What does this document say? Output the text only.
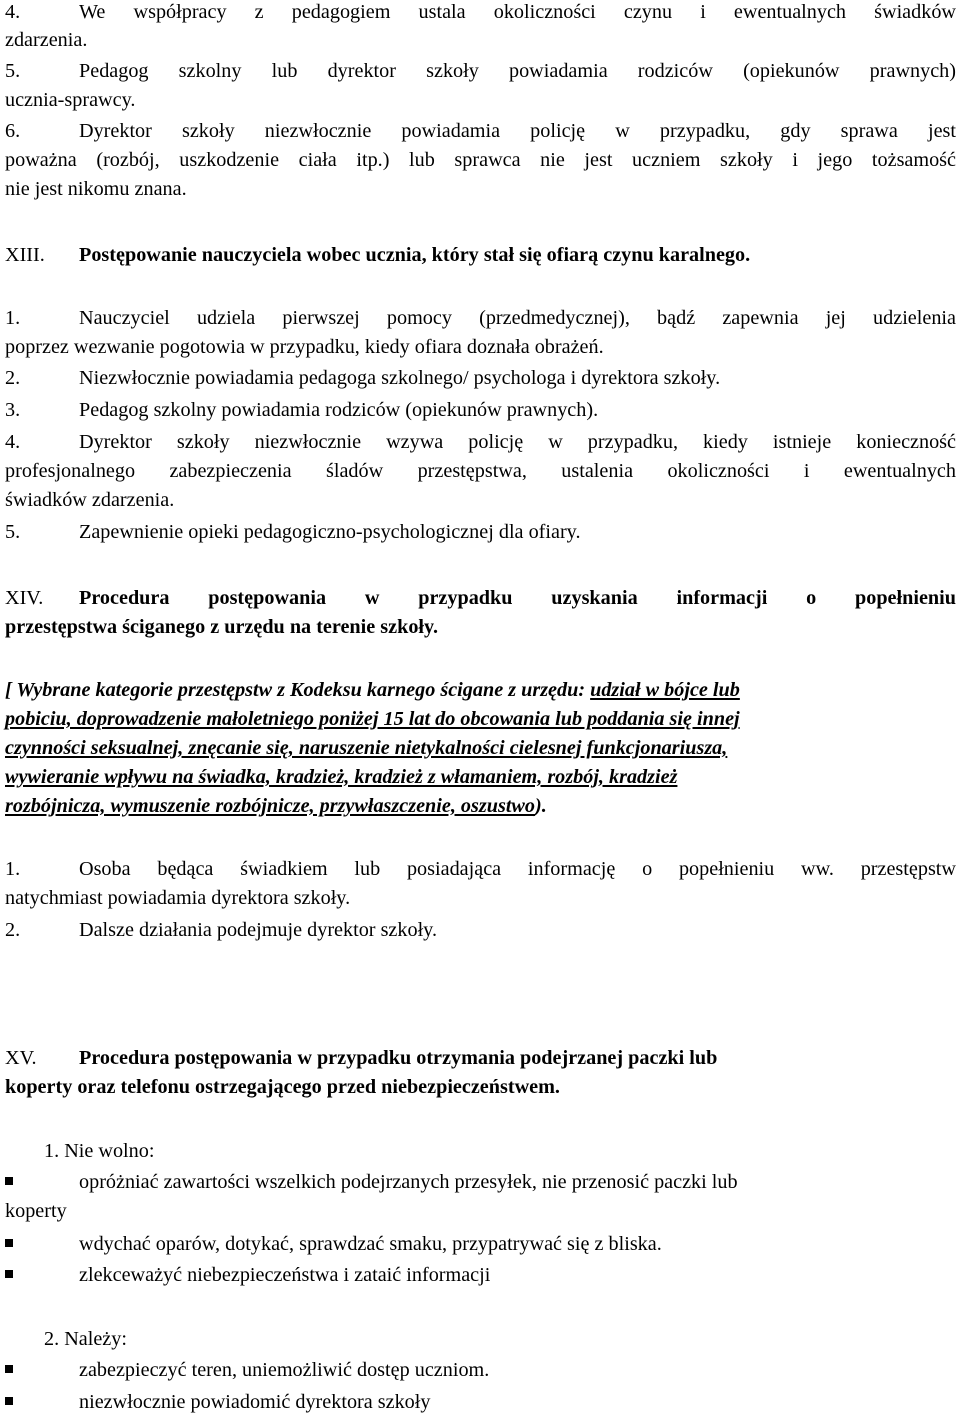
4.	We współpracy z pedagogiem ustala okoliczności czynu i ewentualnych świadków
zdarzenia.
5.	Pedagog szkolny lub dyrektor szkoły powiadamia rodziców (opiekunów prawnych)
ucznia-sprawcy.
6.	Dyrektor szkoły niezwłocznie powiadamia policję w przypadku, gdy sprawa jest
poważna (rozbój, uszkodzenie ciała itp.) lub sprawca nie jest uczniem szkoły i jego tożsamość
nie jest nikomu znana.
XIII. Postępowanie nauczyciela wobec ucznia, który stał się ofiarą czynu karalnego.
1.	Nauczyciel udziela pierwszej pomocy (przedmedycznej), bądź zapewnia jej udzielenia
poprzez wezwanie pogotowia w przypadku, kiedy ofiara doznała obrażeń.
2.	Niezwłocznie powiadamia pedagoga szkolnego/ psychologa i dyrektora szkoły.
3.	Pedagog szkolny powiadamia rodziców (opiekunów prawnych).
4.	Dyrektor szkoły niezwłocznie wzywa policję w przypadku, kiedy istnieje konieczność
profesjonalnego zabezpieczenia śladów przestępstwa, ustalenia okoliczności i ewentualnych
świadków zdarzenia.
5.	Zapewnienie opieki pedagogiczno-psychologicznej dla ofiary.
XIV. Procedura postępowania w przypadku uzyskania informacji o popełnieniu
przestępstwa ściganego z urzędu na terenie szkoły.
[ Wybrane kategorie przestępstw z Kodeksu karnego ścigane z urzędu: udział w bójce lub
pobiciu, doprowadzenie małoletniego poniżej 15 lat do obcowania lub poddania się innej
czynności seksualnej, znęcanie się, naruszenie nietykalności cielesnej funkcjonariusza,
wywieranie wpływu na świadka, kradzież, kradzież z włamaniem, rozbój, kradzież
rozbójnicza, wymuszenie rozbójnicze, przywłaszczenie, oszustwo).
1.	Osoba będąca świadkiem lub posiadająca informację o popełnieniu ww. przestępstw
natychmiast powiadamia dyrektora szkoły.
2.	Dalsze działania podejmuje dyrektor szkoły.
XV. Procedura postępowania w przypadku otrzymania podejrzanej paczki lub
koperty oraz telefonu ostrzegającego przed niebezpieczeństwem.
1. Nie wolno:
opróżniać zawartości wszelkich podejrzanych przesyłek, nie przenosić paczki lub
koperty
wdychać oparów, dotykać, sprawdzać smaku, przypatrywać się z bliska.
zlekceważyć niebezpieczeństwa i zataić informacji
2. Należy:
zabezpieczyć teren, uniemożliwić dostęp uczniom.
niezwłocznie powiadomić dyrektora szkoły
